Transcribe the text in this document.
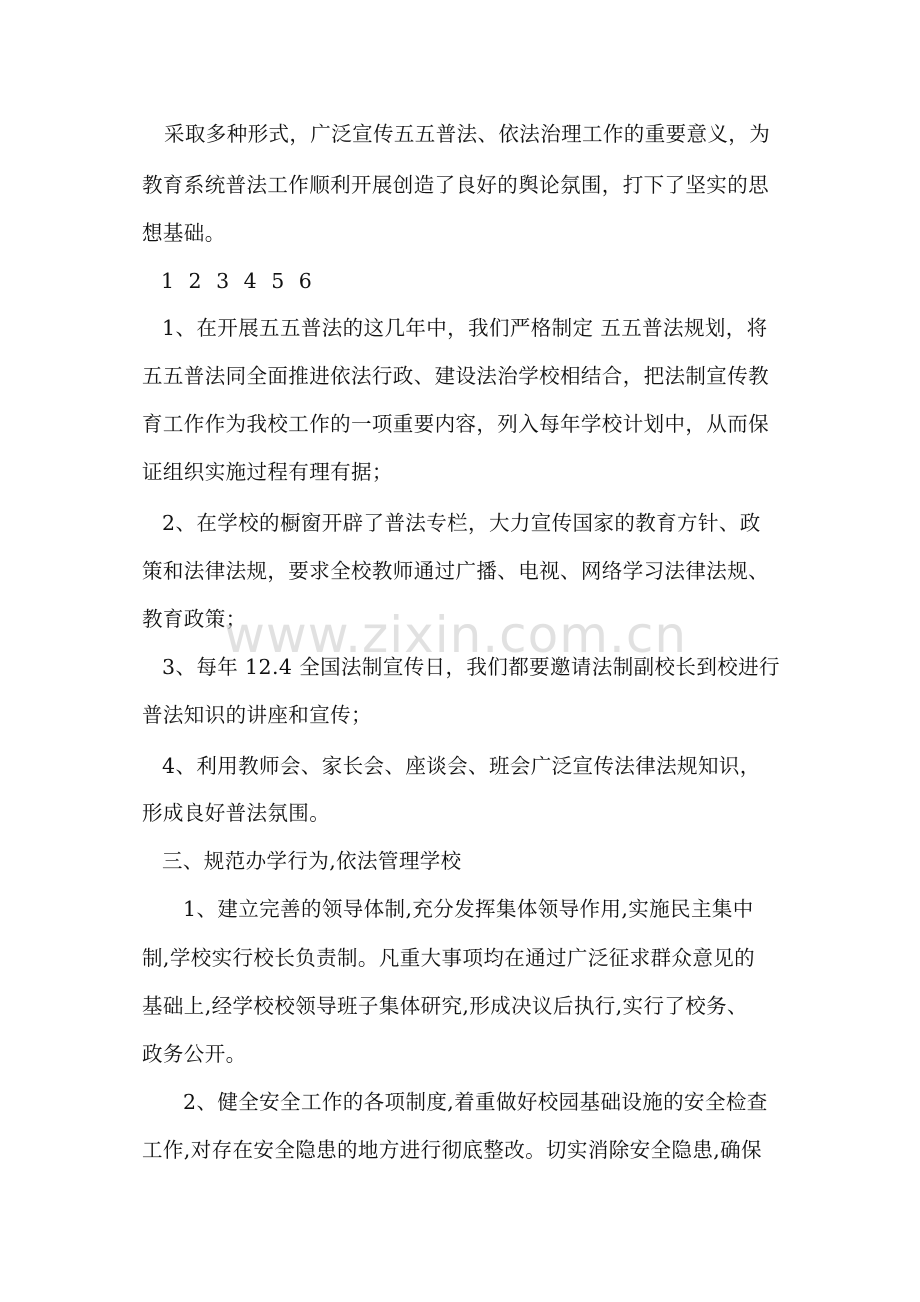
采取多种形式，广泛宣传五五普法、依法治理工作的重要意义，为
教育系统普法工作顺利开展创造了良好的舆论氛围，打下了坚实的思
想基础。
1 2 3 4 5 6
1、在开展五五普法的这几年中，我们严格制定 五五普法规划，将
五五普法同全面推进依法行政、建设法治学校相结合，把法制宣传教
育工作作为我校工作的一项重要内容，列入每年学校计划中，从而保
证组织实施过程有理有据；
2、在学校的橱窗开辟了普法专栏，大力宣传国家的教育方针、政
策和法律法规，要求全校教师通过广播、电视、网络学习法律法规、
教育政策；
3、每年 12.4 全国法制宣传日，我们都要邀请法制副校长到校进行
普法知识的讲座和宣传；
4、利用教师会、家长会、座谈会、班会广泛宣传法律法规知识，
形成良好普法氛围。
三、规范办学行为,依法管理学校
1、建立完善的领导体制,充分发挥集体领导作用,实施民主集中
制,学校实行校长负责制。凡重大事项均在通过广泛征求群众意见的
基础上,经学校校领导班子集体研究,形成决议后执行,实行了校务、
政务公开。
2、健全安全工作的各项制度,着重做好校园基础设施的安全检查
工作,对存在安全隐患的地方进行彻底整改。切实消除安全隐患,确保
www.zixin.com.cn
